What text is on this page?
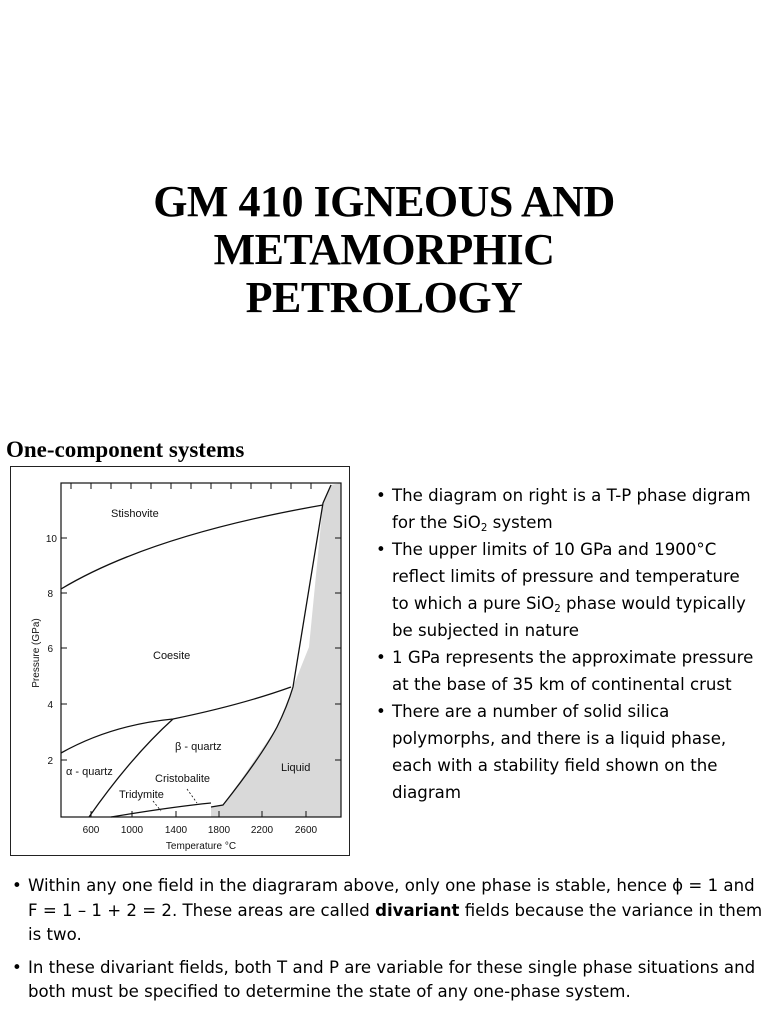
GM 410 IGNEOUS AND
METAMORPHIC
PETROLOGY
One-component systems
Stishovite
Coesite
β - quartz
α - quartz
Cristobalite
Tridymite
Liquid
600 1000 1400 1800 2200 2600
2
4
6
8
10
Temperature °C
Pressure (GPa)
• The diagram on right is a T-P phase digram for the SiO$_2$ system
• The upper limits of 10 GPa and 1900°C reflect limits of pressure and temperature to which a pure SiO$_2$ phase would typically be subjected in nature
• 1 GPa represents the approximate pressure at the base of 35 km of continental crust
• There are a number of solid silica polymorphs, and there is a liquid phase, each with a stability field shown on the diagram
• Within any one field in the diagraram above, only one phase is stable, hence ϕ = 1 and F = 1 – 1 + 2 = 2. These areas are called divariant fields because the variance in them is two.
• In these divariant fields, both T and P are variable for these single phase situations and both must be specified to determine the state of any one-phase system.
